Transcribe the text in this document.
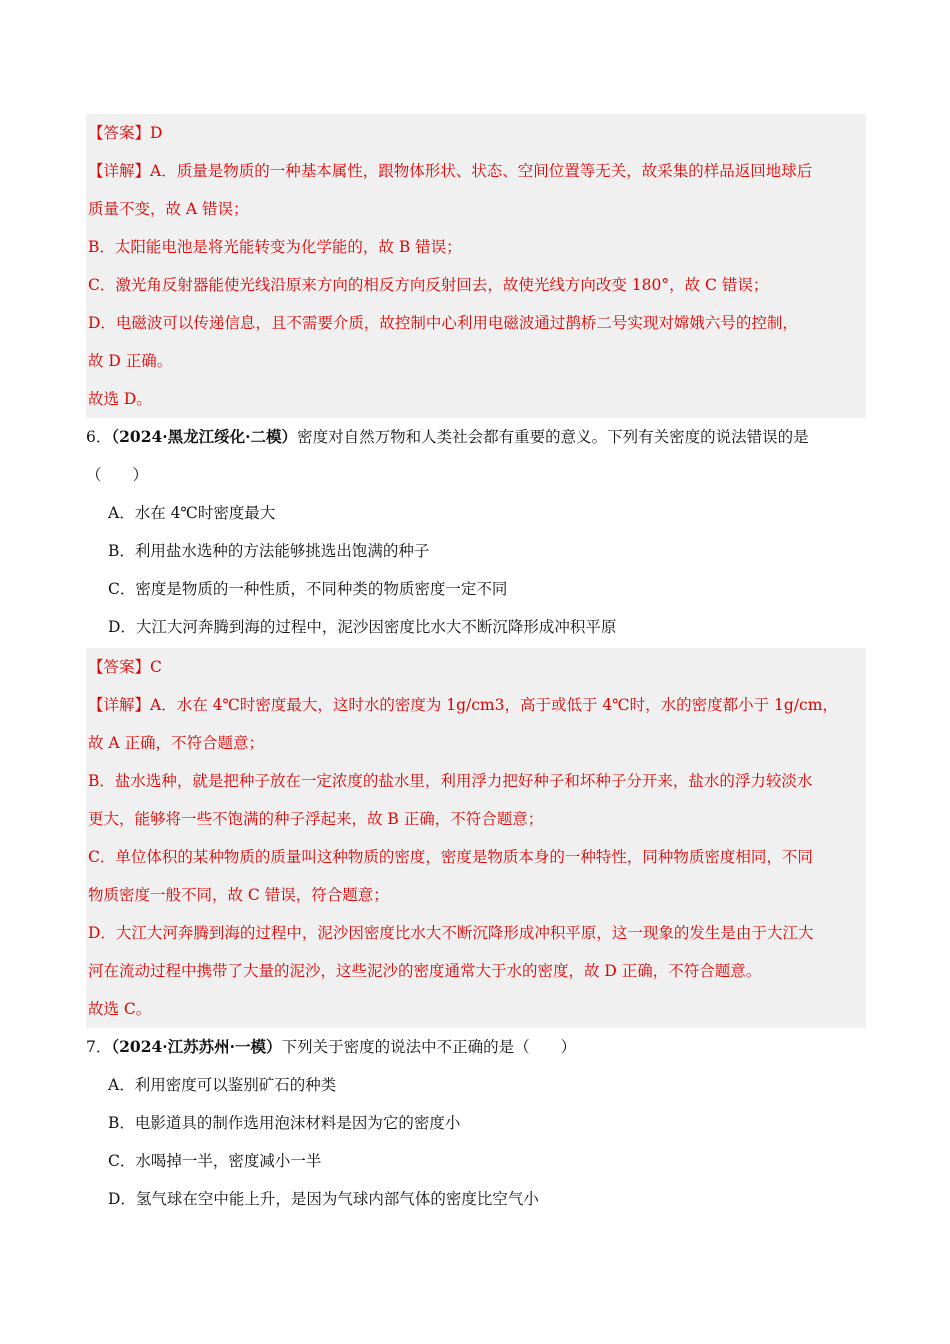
【答案】D
【详解】A．质量是物质的一种基本属性，跟物体形状、状态、空间位置等无关，故采集的样品返回地球后
质量不变，故 A 错误；
B．太阳能电池是将光能转变为化学能的，故 B 错误；
C．激光角反射器能使光线沿原来方向的相反方向反射回去，故使光线方向改变 180°，故 C 错误；
D．电磁波可以传递信息，且不需要介质，故控制中心利用电磁波通过鹊桥二号实现对嫦娥六号的控制，
故 D 正确。
故选 D。
6．（2024·黑龙江绥化·二模）密度对自然万物和人类社会都有重要的意义。下列有关密度的说法错误的是
（　　）
A．水在 4℃时密度最大
B．利用盐水选种的方法能够挑选出饱满的种子
C．密度是物质的一种性质，不同种类的物质密度一定不同
D．大江大河奔腾到海的过程中，泥沙因密度比水大不断沉降形成冲积平原
【答案】C
【详解】A．水在 4℃时密度最大，这时水的密度为 1g/cm3，高于或低于 4℃时，水的密度都小于 1g/cm，
故 A 正确，不符合题意；
B．盐水选种，就是把种子放在一定浓度的盐水里，利用浮力把好种子和坏种子分开来，盐水的浮力较淡水
更大，能够将一些不饱满的种子浮起来，故 B 正确，不符合题意；
C．单位体积的某种物质的质量叫这种物质的密度，密度是物质本身的一种特性，同种物质密度相同，不同
物质密度一般不同，故 C 错误，符合题意；
D．大江大河奔腾到海的过程中，泥沙因密度比水大不断沉降形成冲积平原，这一现象的发生是由于大江大
河在流动过程中携带了大量的泥沙，这些泥沙的密度通常大于水的密度，故 D 正确，不符合题意。
故选 C。
7．（2024·江苏苏州·一模）下列关于密度的说法中不正确的是（　　）
A．利用密度可以鉴别矿石的种类
B．电影道具的制作选用泡沫材料是因为它的密度小
C．水喝掉一半，密度减小一半
D．氢气球在空中能上升，是因为气球内部气体的密度比空气小
